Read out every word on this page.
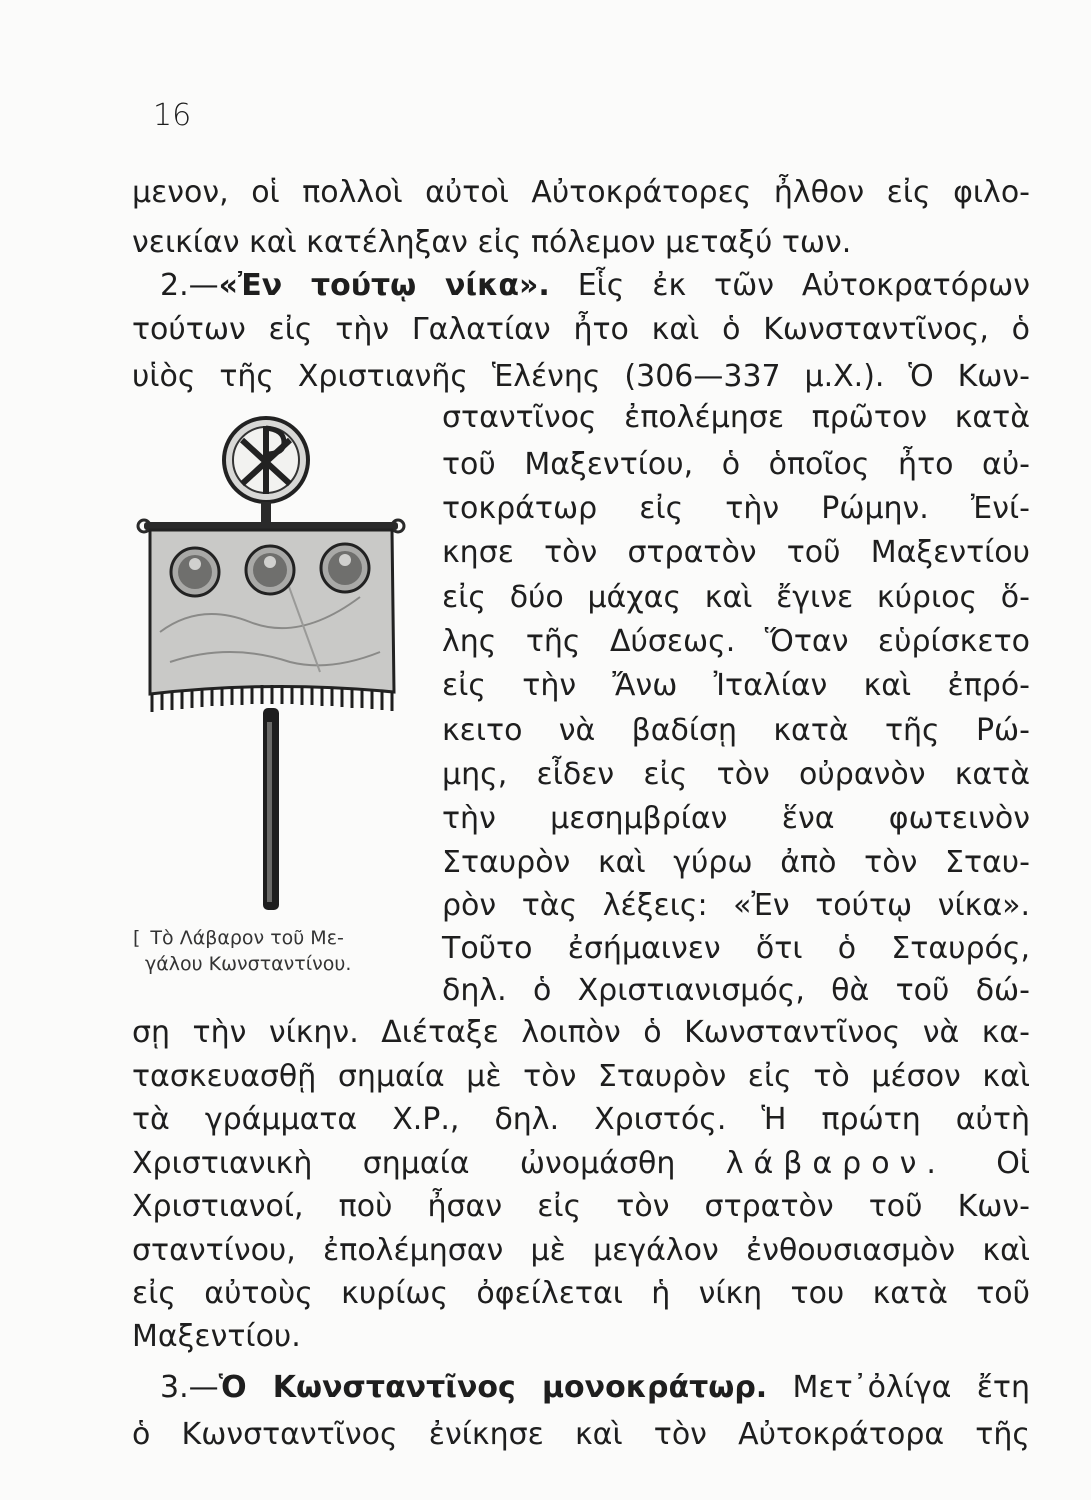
16
μενον, οἱ πολλοὶ αὐτοὶ Αὐτοκράτορες ἦλθον εἰς φιλο-
νεικίαν καὶ κατέληξαν εἰς πόλεμον μεταξύ των.
2.—«Ἐν τούτῳ νίκα». Εἷς ἐκ τῶν Αὐτοκρατόρων
τούτων εἰς τὴν Γαλατίαν ἦτο καὶ ὁ Κωνσταντῖνος, ὁ
υἱὸς τῆς Χριστιανῆς Ἑλένης (306—337 μ.Χ.). Ὁ Κων-
σταντῖνος ἐπολέμησε πρῶτον κατὰ
τοῦ Μαξεντίου, ὁ ὁποῖος ἦτο αὐ-
τοκράτωρ εἰς τὴν Ρώμην. Ἐνί-
κησε τὸν στρατὸν τοῦ Μαξεντίου
εἰς δύο μάχας καὶ ἔγινε κύριος ὅ-
λης τῆς Δύσεως. Ὅταν εὑρίσκετο
εἰς τὴν Ἄνω Ἰταλίαν καὶ ἐπρό-
κειτο νὰ βαδίσῃ κατὰ τῆς Ρώ-
μης, εἶδεν εἰς τὸν οὐρανὸν κατὰ
τὴν μεσημβρίαν ἕνα φωτεινὸν
Σταυρὸν καὶ γύρω ἀπὸ τὸν Σταυ-
ρὸν τὰς λέξεις: «Ἐν τούτῳ νίκα».
Τοῦτο ἐσήμαινεν ὅτι ὁ Σταυρός,
δηλ. ὁ Χριστιανισμός, θὰ τοῦ δώ-
σῃ τὴν νίκην. Διέταξε λοιπὸν ὁ Κωνσταντῖνος νὰ κα-
τασκευασθῇ σημαία μὲ τὸν Σταυρὸν εἰς τὸ μέσον καὶ
τὰ γράμματα Χ.Ρ., δηλ. Χριστός. Ἡ πρώτη αὐτὴ
Χριστιανικὴ σημαία ὠνομάσθη λάβαρον. Οἱ
Χριστιανοί, ποὺ ἦσαν εἰς τὸν στρατὸν τοῦ Κων-
σταντίνου, ἐπολέμησαν μὲ μεγάλον ἐνθουσιασμὸν καὶ
εἰς αὐτοὺς κυρίως ὀφείλεται ἡ νίκη του κατὰ τοῦ
Μαξεντίου.
3.—Ὁ Κωνσταντῖνος μονοκράτωρ. Μετ᾽ὀλίγα ἔτη
ὁ Κωνσταντῖνος ἐνίκησε καὶ τὸν Αὐτοκράτορα τῆς
[ Τὸ Λάβαρον τοῦ Με-
γάλου Κωνσταντίνου.
